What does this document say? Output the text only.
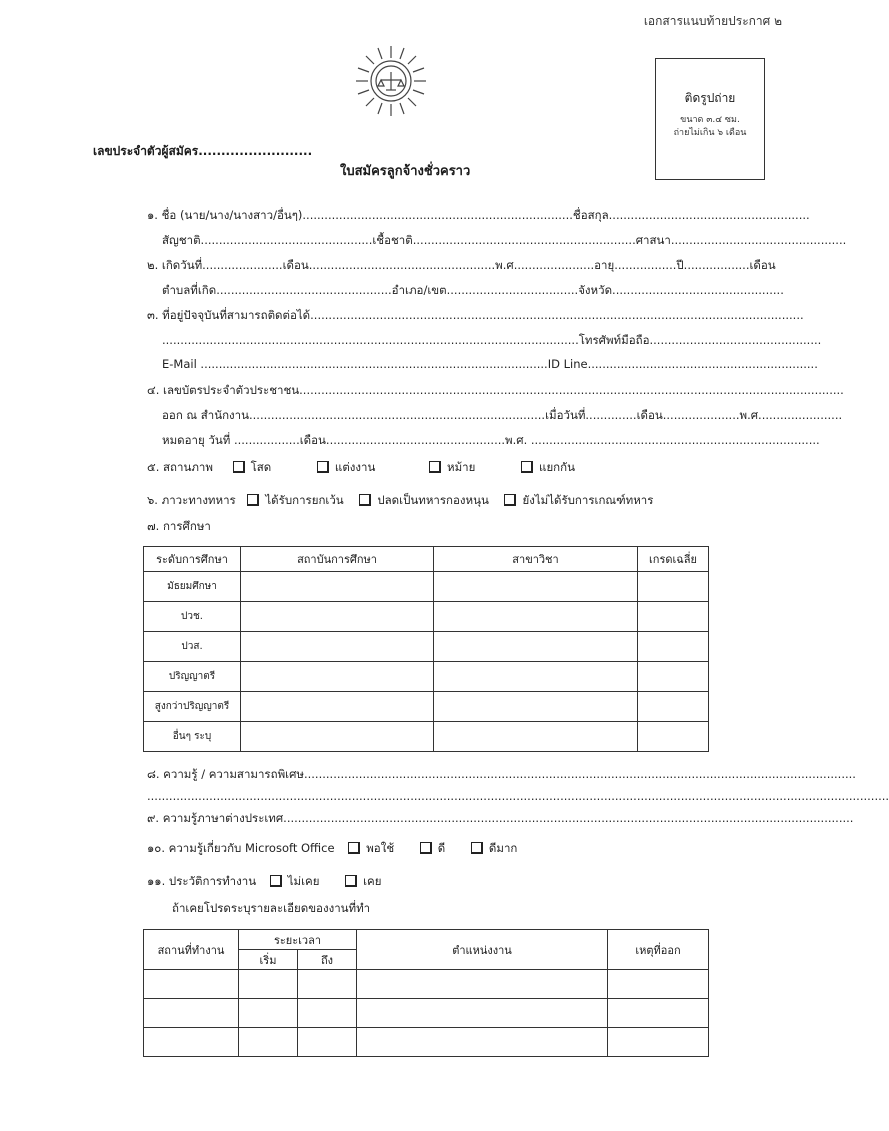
เอกสารแนบท้ายประกาศ ๒
ติดรูปถ่าย
ขนาด ๓.๔ ซม.
ถ่ายไม่เกิน ๖ เดือน
เลขประจำตัวผู้สมัคร.........................
ใบสมัครลูกจ้างชั่วคราว
๑. ชื่อ (นาย/นาง/นางสาว/อื่นๆ)..........................................................................ชื่อสกุล.......................................................
สัญชาติ...............................................เชื้อชาติ.............................................................ศาสนา................................................
๒. เกิดวันที่......................เดือน...................................................พ.ศ......................อายุ.................ปี..................เดือน
ตำบลที่เกิด................................................อำเภอ/เขต....................................จังหวัด...............................................
๓. ที่อยู่ปัจจุบันที่สามารถติดต่อได้.......................................................................................................................................
..................................................................................................................โทรศัพท์มือถือ...............................................
E-Mail ...............................................................................................ID Line...............................................................
๔. เลขบัตรประจำตัวประชาชน.....................................................................................................................................................
ออก ณ สำนักงาน.................................................................................เมื่อวันที่..............เดือน.....................พ.ศ.......................
หมดอายุ วันที่ ..................เดือน.................................................พ.ศ. ...............................................................................
๕. สถานภาพ	โสด	แต่งงาน	หม้าย	แยกกัน
๖. ภาวะทางทหาร	ได้รับการยกเว้น	ปลดเป็นทหารกองหนุน	ยังไม่ได้รับการเกณฑ์ทหาร
๗. การศึกษา
ระดับการศึกษา	สถาบันการศึกษา	สาขาวิชา	เกรดเฉลี่ย
มัธยมศึกษา			
ปวช.			
ปวส.			
ปริญญาตรี			
สูงกว่าปริญญาตรี			
อื่นๆ ระบุ			
๘. ความรู้ / ความสามารถพิเศษ.......................................................................................................................................................
...........................................................................................................................................................................................................
๙. ความรู้ภาษาต่างประเทศ............................................................................................................................................................
๑๐. ความรู้เกี่ยวกับ Microsoft Office	พอใช้	ดี	ดีมาก
๑๑. ประวัติการทำงาน	ไม่เคย	เคย
ถ้าเคยโปรดระบุรายละเอียดของงานที่ทำ
สถานที่ทำงาน	ระยะเวลา		ตำแหน่งงาน	เหตุที่ออก
	เริ่ม	ถึง		
